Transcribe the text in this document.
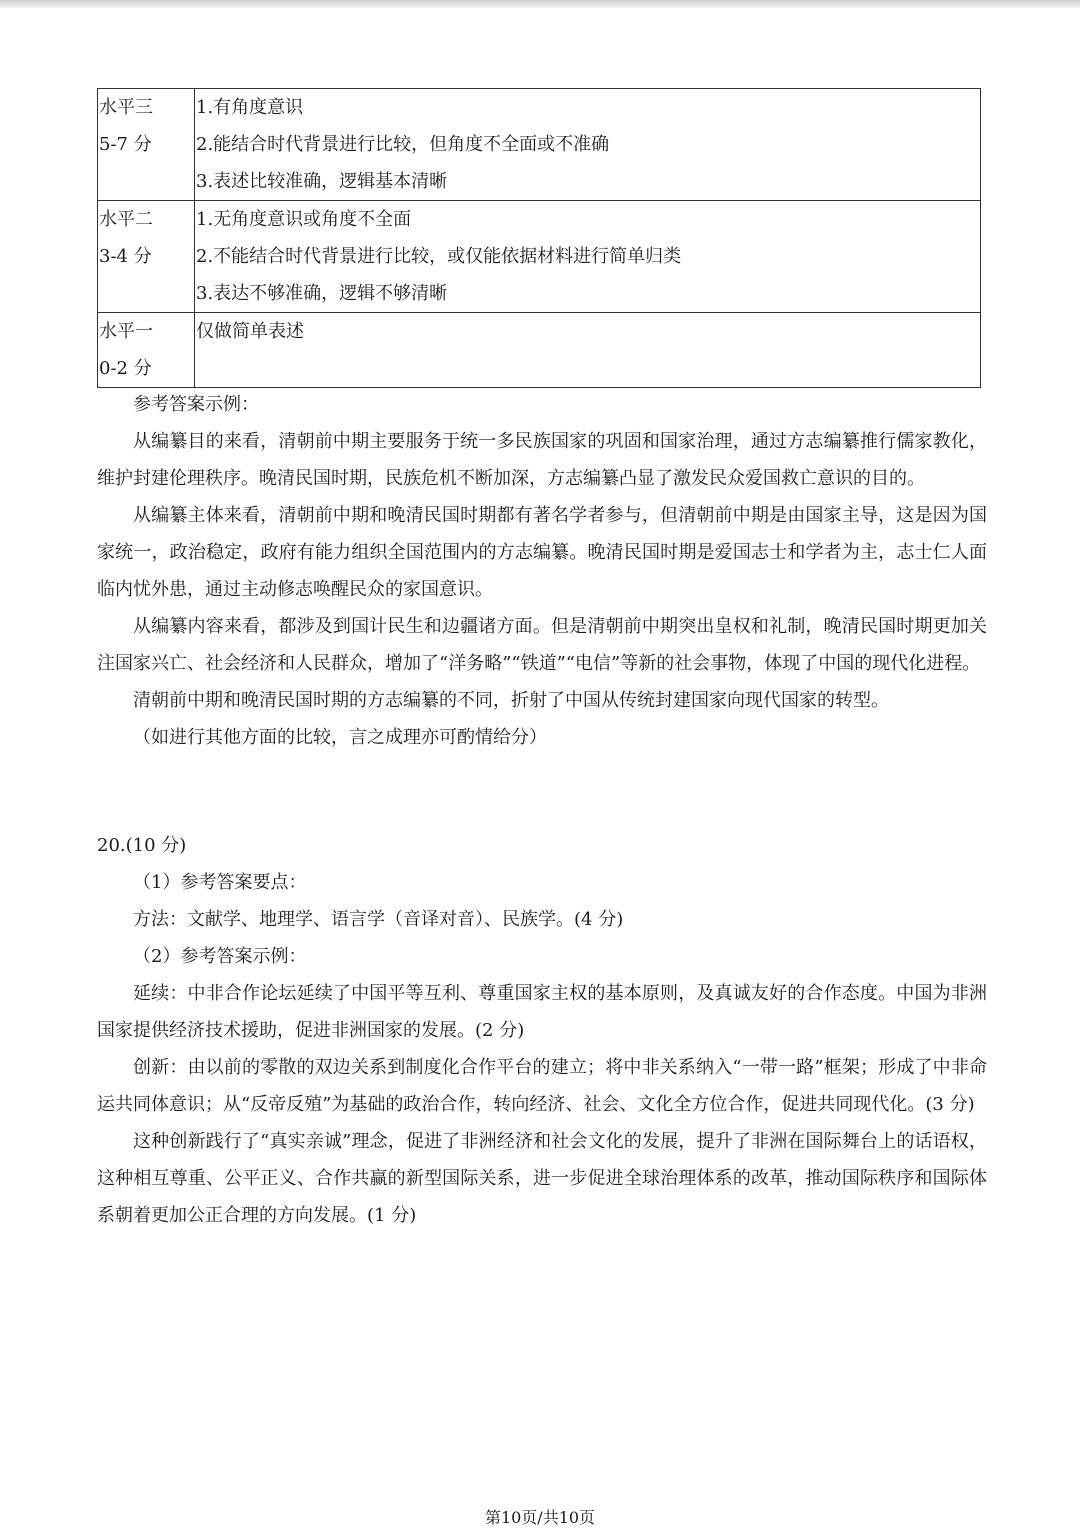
水平三
5-7 分	1.有角度意识
2.能结合时代背景进行比较，但角度不全面或不准确
3.表述比较准确，逻辑基本清晰

水平二
3-4 分	1.无角度意识或角度不全面
2.不能结合时代背景进行比较，或仅能依据材料进行简单归类
3.表达不够准确，逻辑不够清晰

水平一
0-2 分	仅做简单表述

参考答案示例：

从编纂目的来看，清朝前中期主要服务于统一多民族国家的巩固和国家治理，通过方志编纂推行儒家教化，维护封建伦理秩序。晚清民国时期，民族危机不断加深，方志编纂凸显了激发民众爱国救亡意识的目的。

从编纂主体来看，清朝前中期和晚清民国时期都有著名学者参与，但清朝前中期是由国家主导，这是因为国家统一，政治稳定，政府有能力组织全国范围内的方志编纂。晚清民国时期是爱国志士和学者为主，志士仁人面临内忧外患，通过主动修志唤醒民众的家国意识。

从编纂内容来看，都涉及到国计民生和边疆诸方面。但是清朝前中期突出皇权和礼制，晚清民国时期更加关注国家兴亡、社会经济和人民群众，增加了“洋务略”“铁道”“电信”等新的社会事物，体现了中国的现代化进程。

清朝前中期和晚清民国时期的方志编纂的不同，折射了中国从传统封建国家向现代国家的转型。

（如进行其他方面的比较，言之成理亦可酌情给分）

20.(10 分)

（1）参考答案要点：

方法：文献学、地理学、语言学（音译对音）、民族学。(4 分)

（2）参考答案示例：

延续：中非合作论坛延续了中国平等互利、尊重国家主权的基本原则，及真诚友好的合作态度。中国为非洲国家提供经济技术援助，促进非洲国家的发展。(2 分)

创新：由以前的零散的双边关系到制度化合作平台的建立；将中非关系纳入“一带一路”框架；形成了中非命运共同体意识；从“反帝反殖”为基础的政治合作，转向经济、社会、文化全方位合作，促进共同现代化。(3 分)

这种创新践行了“真实亲诚”理念，促进了非洲经济和社会文化的发展，提升了非洲在国际舞台上的话语权，这种相互尊重、公平正义、合作共赢的新型国际关系，进一步促进全球治理体系的改革，推动国际秩序和国际体系朝着更加公正合理的方向发展。(1 分)

第10页/共10页
